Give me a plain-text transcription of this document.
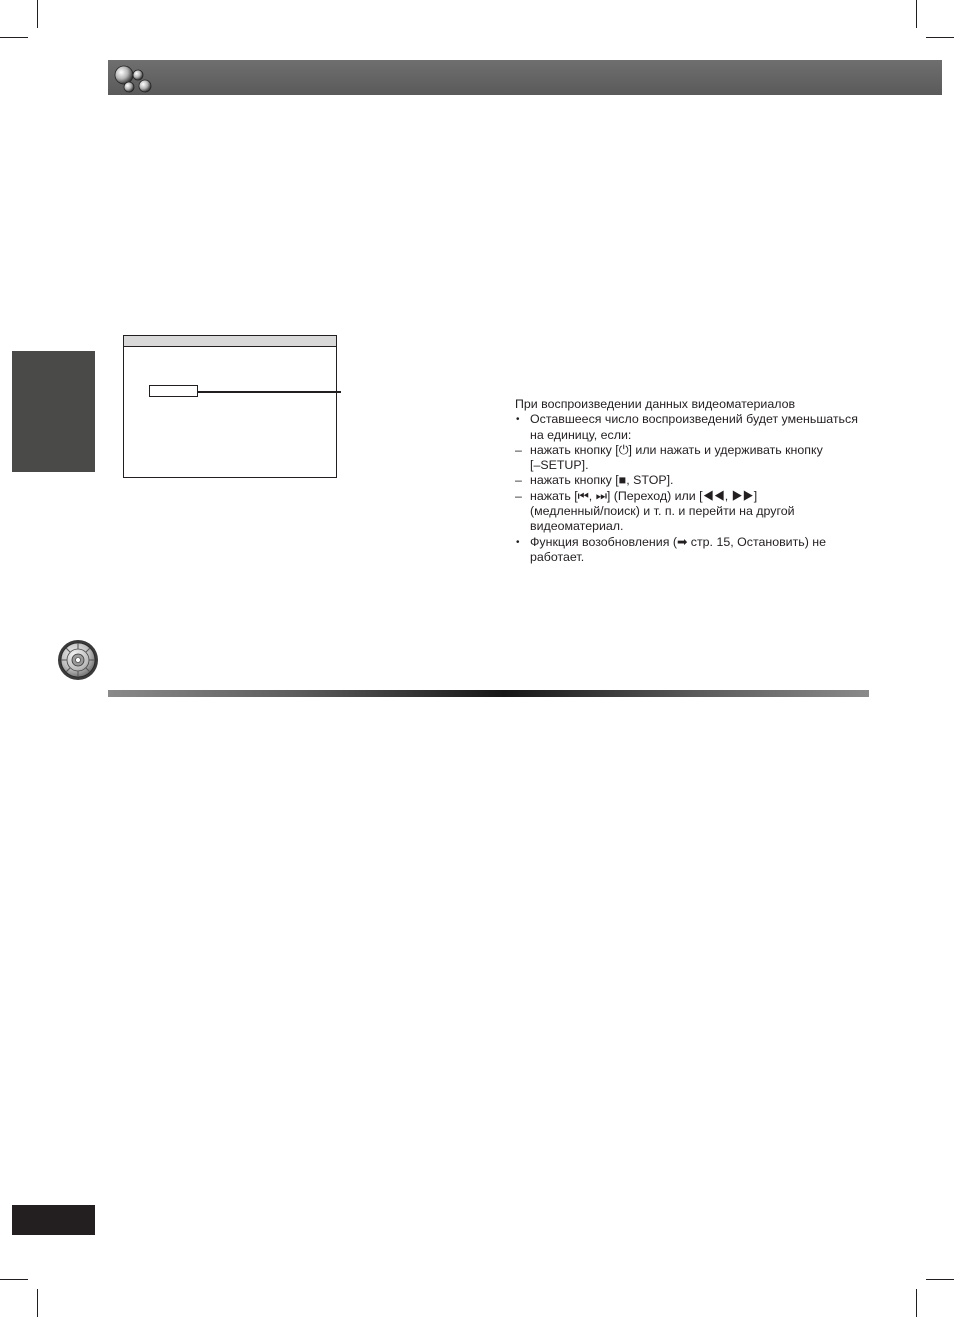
При воспроизведении данных видеоматериалов
• Оставшееся число воспроизведений будет уменьшаться
на единицу, если:
– нажать кнопку [⏻] или нажать и удерживать кнопку
[–SETUP].
– нажать кнопку [■, STOP].
– нажать [⏮, ⏭] (Переход) или [◀◀, ▶▶]
(медленный/поиск) и т. п. и перейти на другой
видеоматериал.
• Функция возобновления (➡ стр. 15, Остановить) не
работает.
